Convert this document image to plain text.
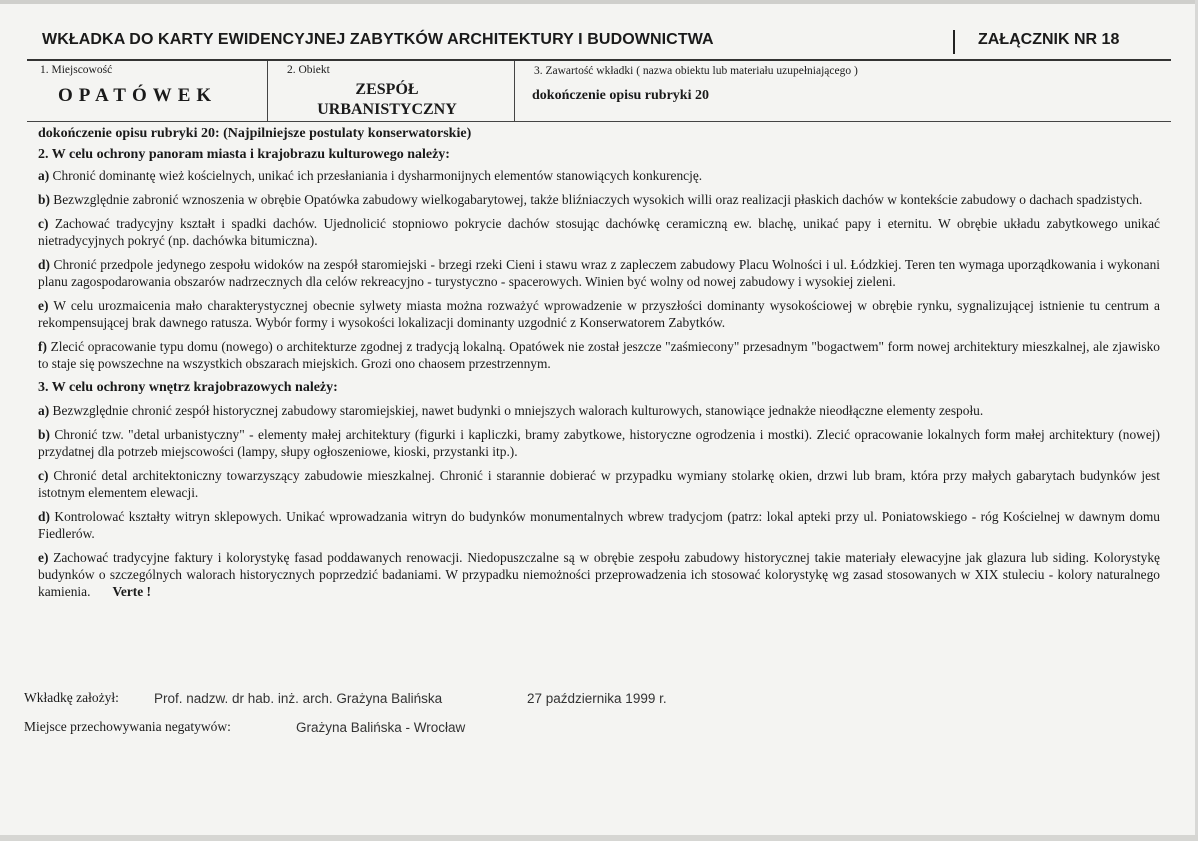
WKŁADKA DO KARTY EWIDENCYJNEJ ZABYTKÓW ARCHITEKTURY I BUDOWNICTWA	ZAŁĄCZNIK NR 18
1. Miejscowość
OPATÓWEK
2. Obiekt
ZESPÓŁ
URBANISTYCZNY
3. Zawartość wkładki ( nazwa obiektu lub materiału uzupełniającego )
dokończenie opisu rubryki 20

dokończenie opisu rubryki 20: (Najpilniejsze postulaty konserwatorskie)

2. W celu ochrony panoram miasta i krajobrazu kulturowego należy:

a) Chronić dominantę wież kościelnych, unikać ich przesłaniania i dysharmonijnych elementów stanowiących konkurencję.

b) Bezwzględnie zabronić wznoszenia w obrębie Opatówka zabudowy wielkogabarytowej, także bliźniaczych wysokich willi oraz realizacji płaskich dachów w kontekście zabudowy o dachach spadzistych.

c) Zachować tradycyjny kształt i spadki dachów. Ujednolicić stopniowo pokrycie dachów stosując dachówkę ceramiczną ew. blachę, unikać papy i eternitu. W obrębie układu zabytkowego unikać nietradycyjnych pokryć (np. dachówka bitumiczna).

d) Chronić przedpole jedynego zespołu widoków na zespół staromiejski - brzegi rzeki Cieni i stawu wraz z zapleczem zabudowy Placu Wolności i ul. Łódzkiej. Teren ten wymaga uporządkowania i wykonani planu zagospodarowania obszarów nadrzecznych dla celów rekreacyjno - turystyczno - spacerowych. Winien być wolny od nowej zabudowy i wysokiej zieleni.

e) W celu urozmaicenia mało charakterystycznej obecnie sylwety miasta można rozważyć wprowadzenie w przyszłości dominanty wysokościowej w obrębie rynku, sygnalizującej istnienie tu centrum a rekompensującej brak dawnego ratusza. Wybór formy i wysokości lokalizacji dominanty uzgodnić z Konserwatorem Zabytków.

f) Zlecić opracowanie typu domu (nowego) o architekturze zgodnej z tradycją lokalną. Opatówek nie został jeszcze "zaśmiecony" przesadnym "bogactwem" form nowej architektury mieszkalnej, ale zjawisko to staje się powszechne na wszystkich obszarach miejskich. Grozi ono chaosem przestrzennym.

3. W celu ochrony wnętrz krajobrazowych należy:

a) Bezwzględnie chronić zespół historycznej zabudowy staromiejskiej, nawet budynki o mniejszych walorach kulturowych, stanowiące jednakże nieodłączne elementy zespołu.

b) Chronić tzw. "detal urbanistyczny" - elementy małej architektury (figurki i kapliczki, bramy zabytkowe, historyczne ogrodzenia i mostki). Zlecić opracowanie lokalnych form małej architektury (nowej) przydatnej dla potrzeb miejscowości (lampy, słupy ogłoszeniowe, kioski, przystanki itp.).

c) Chronić detal architektoniczny towarzyszący zabudowie mieszkalnej. Chronić i starannie dobierać w przypadku wymiany stolarkę okien, drzwi lub bram, która przy małych gabarytach budynków jest istotnym elementem elewacji.

d) Kontrolować kształty witryn sklepowych. Unikać wprowadzania witryn do budynków monumentalnych wbrew tradycjom (patrz: lokal apteki przy ul. Poniatowskiego - róg Kościelnej w dawnym domu Fiedlerów.

e) Zachować tradycyjne faktury i kolorystykę fasad poddawanych renowacji. Niedopuszczalne są w obrębie zespołu zabudowy historycznej takie materiały elewacyjne jak glazura lub siding. Kolorystykę budynków o szczególnych walorach historycznych poprzedzić badaniami. W przypadku niemożności przeprowadzenia ich stosować kolorystykę wg zasad stosowanych w XIX stuleciu - kolory naturalnego kamienia. Verte !

Wkładkę założył:	Prof. nadzw. dr hab. inż. arch. Grażyna Balińska	27 października 1999 r.
Miejsce przechowywania negatywów:	Grażyna Balińska - Wrocław
